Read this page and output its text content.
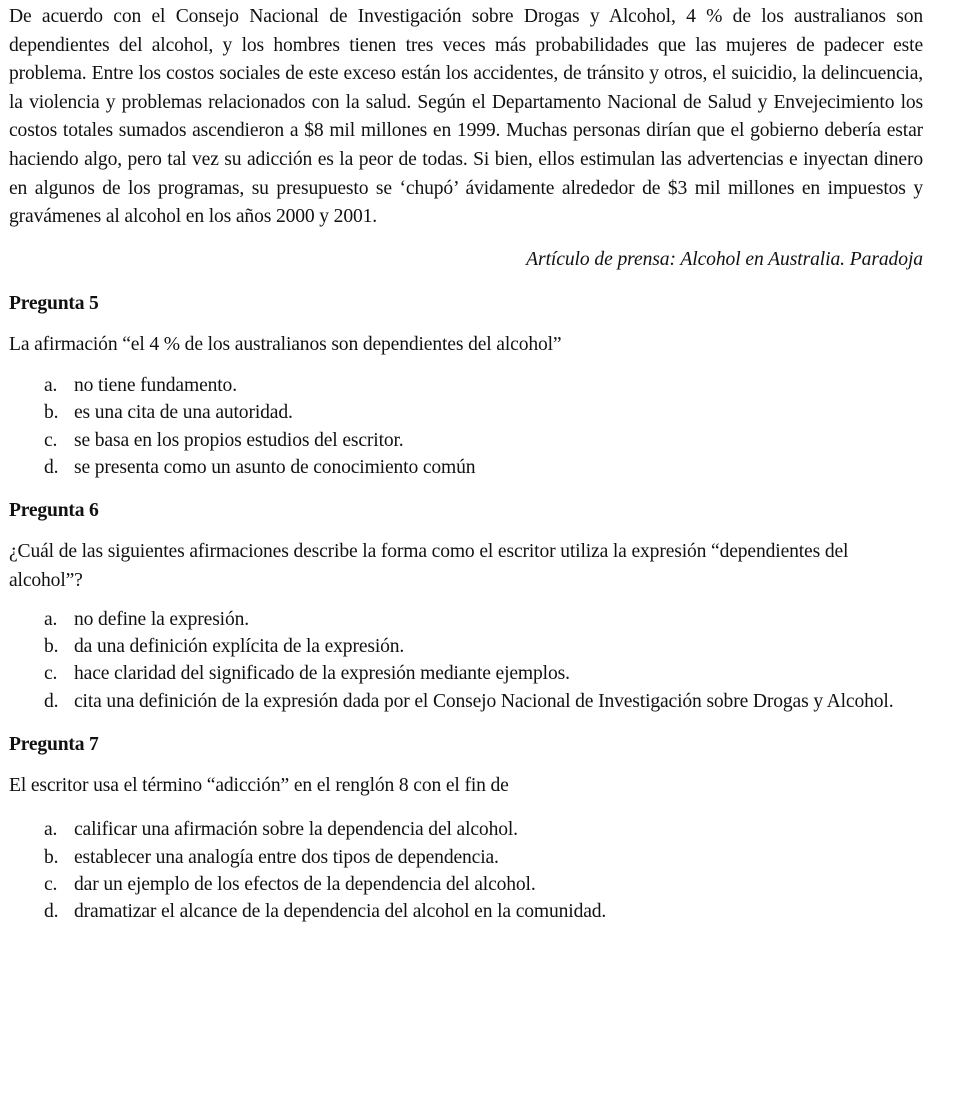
De acuerdo con el Consejo Nacional de Investigación sobre Drogas y Alcohol, 4 % de los australianos son dependientes del alcohol, y los hombres tienen tres veces más probabilidades que las mujeres de padecer este problema. Entre los costos sociales de este exceso están los accidentes, de tránsito y otros, el suicidio, la delincuencia, la violencia y problemas relacionados con la salud. Según el Departamento Nacional de Salud y Envejecimiento los costos totales sumados ascendieron a $8 mil millones en 1999. Muchas personas dirían que el gobierno debería estar haciendo algo, pero tal vez su adicción es la peor de todas. Si bien, ellos estimulan las advertencias e inyectan dinero en algunos de los programas, su presupuesto se ‘chupó’ ávidamente alrededor de $3 mil millones en impuestos y gravámenes al alcohol en los años 2000 y 2001.

Artículo de prensa: Alcohol en Australia. Paradoja

Pregunta 5

La afirmación “el 4 % de los australianos son dependientes del alcohol”

a. no tiene fundamento.
b. es una cita de una autoridad.
c. se basa en los propios estudios del escritor.
d. se presenta como un asunto de conocimiento común

Pregunta 6

¿Cuál de las siguientes afirmaciones describe la forma como el escritor utiliza la expresión “dependientes del alcohol”?

a. no define la expresión.
b. da una definición explícita de la expresión.
c. hace claridad del significado de la expresión mediante ejemplos.
d. cita una definición de la expresión dada por el Consejo Nacional de Investigación sobre Drogas y Alcohol.

Pregunta 7

El escritor usa el término “adicción” en el renglón 8 con el fin de

a. calificar una afirmación sobre la dependencia del alcohol.
b. establecer una analogía entre dos tipos de dependencia.
c. dar un ejemplo de los efectos de la dependencia del alcohol.
d. dramatizar el alcance de la dependencia del alcohol en la comunidad.
